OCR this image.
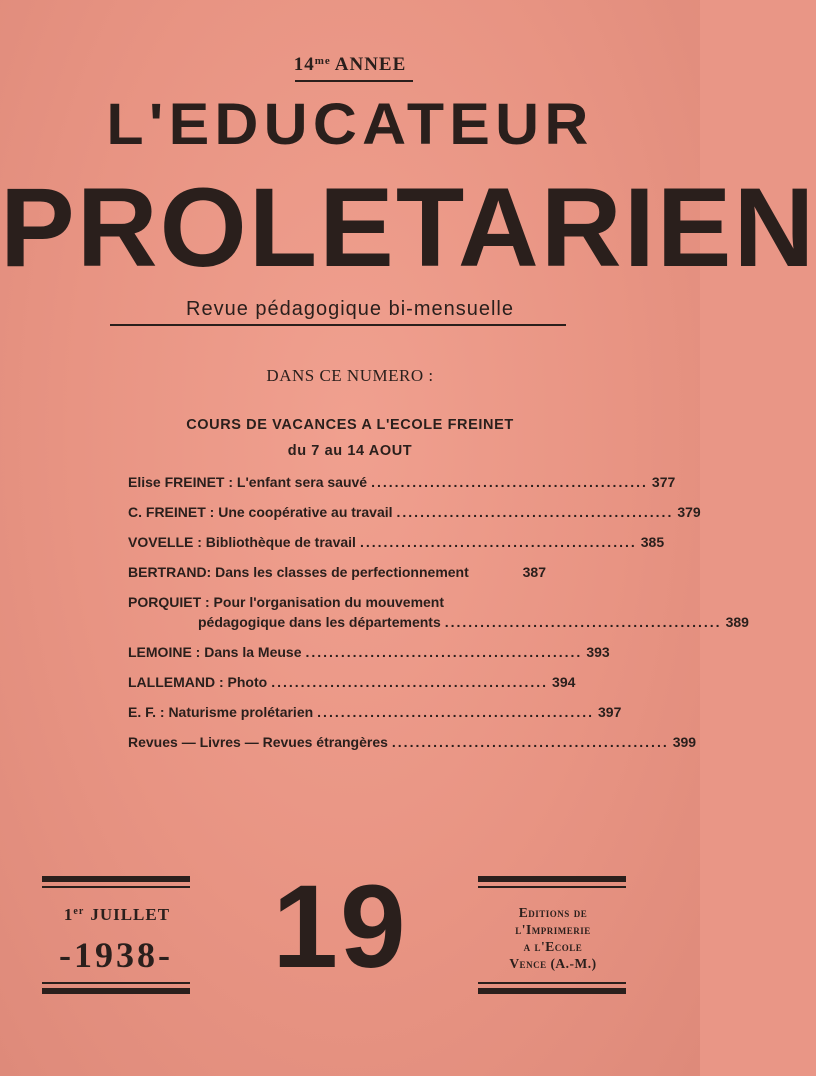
$14^{me}$ ANNEE
L'EDUCATEUR
PROLETARIEN
Revue pédagogique bi-mensuelle
DANS CE NUMERO :
COURS DE VACANCES A L'ECOLE FREINET
du 7 au 14 AOUT
Elise FREINET : L'enfant sera sauvé ............................................... 377
C. FREINET : Une coopérative au travail ............................................... 379
VOVELLE : Bibliothèque de travail ............................................... 385
BERTRAND: Dans les classes de perfectionnement	387
PORQUIET : Pour l'organisation du mouvement
pédagogique dans les départements ............................................... 389
LEMOINE : Dans la Meuse ............................................... 393
LALLEMAND : Photo ............................................... 394
E. F. : Naturisme prolétarien ............................................... 397
Revues — Livres — Revues étrangères ............................................... 399
1er JUILLET
-1938- 19	Editions de
l'Imprimerie
a l'Ecole
Vence (A.-M.)
